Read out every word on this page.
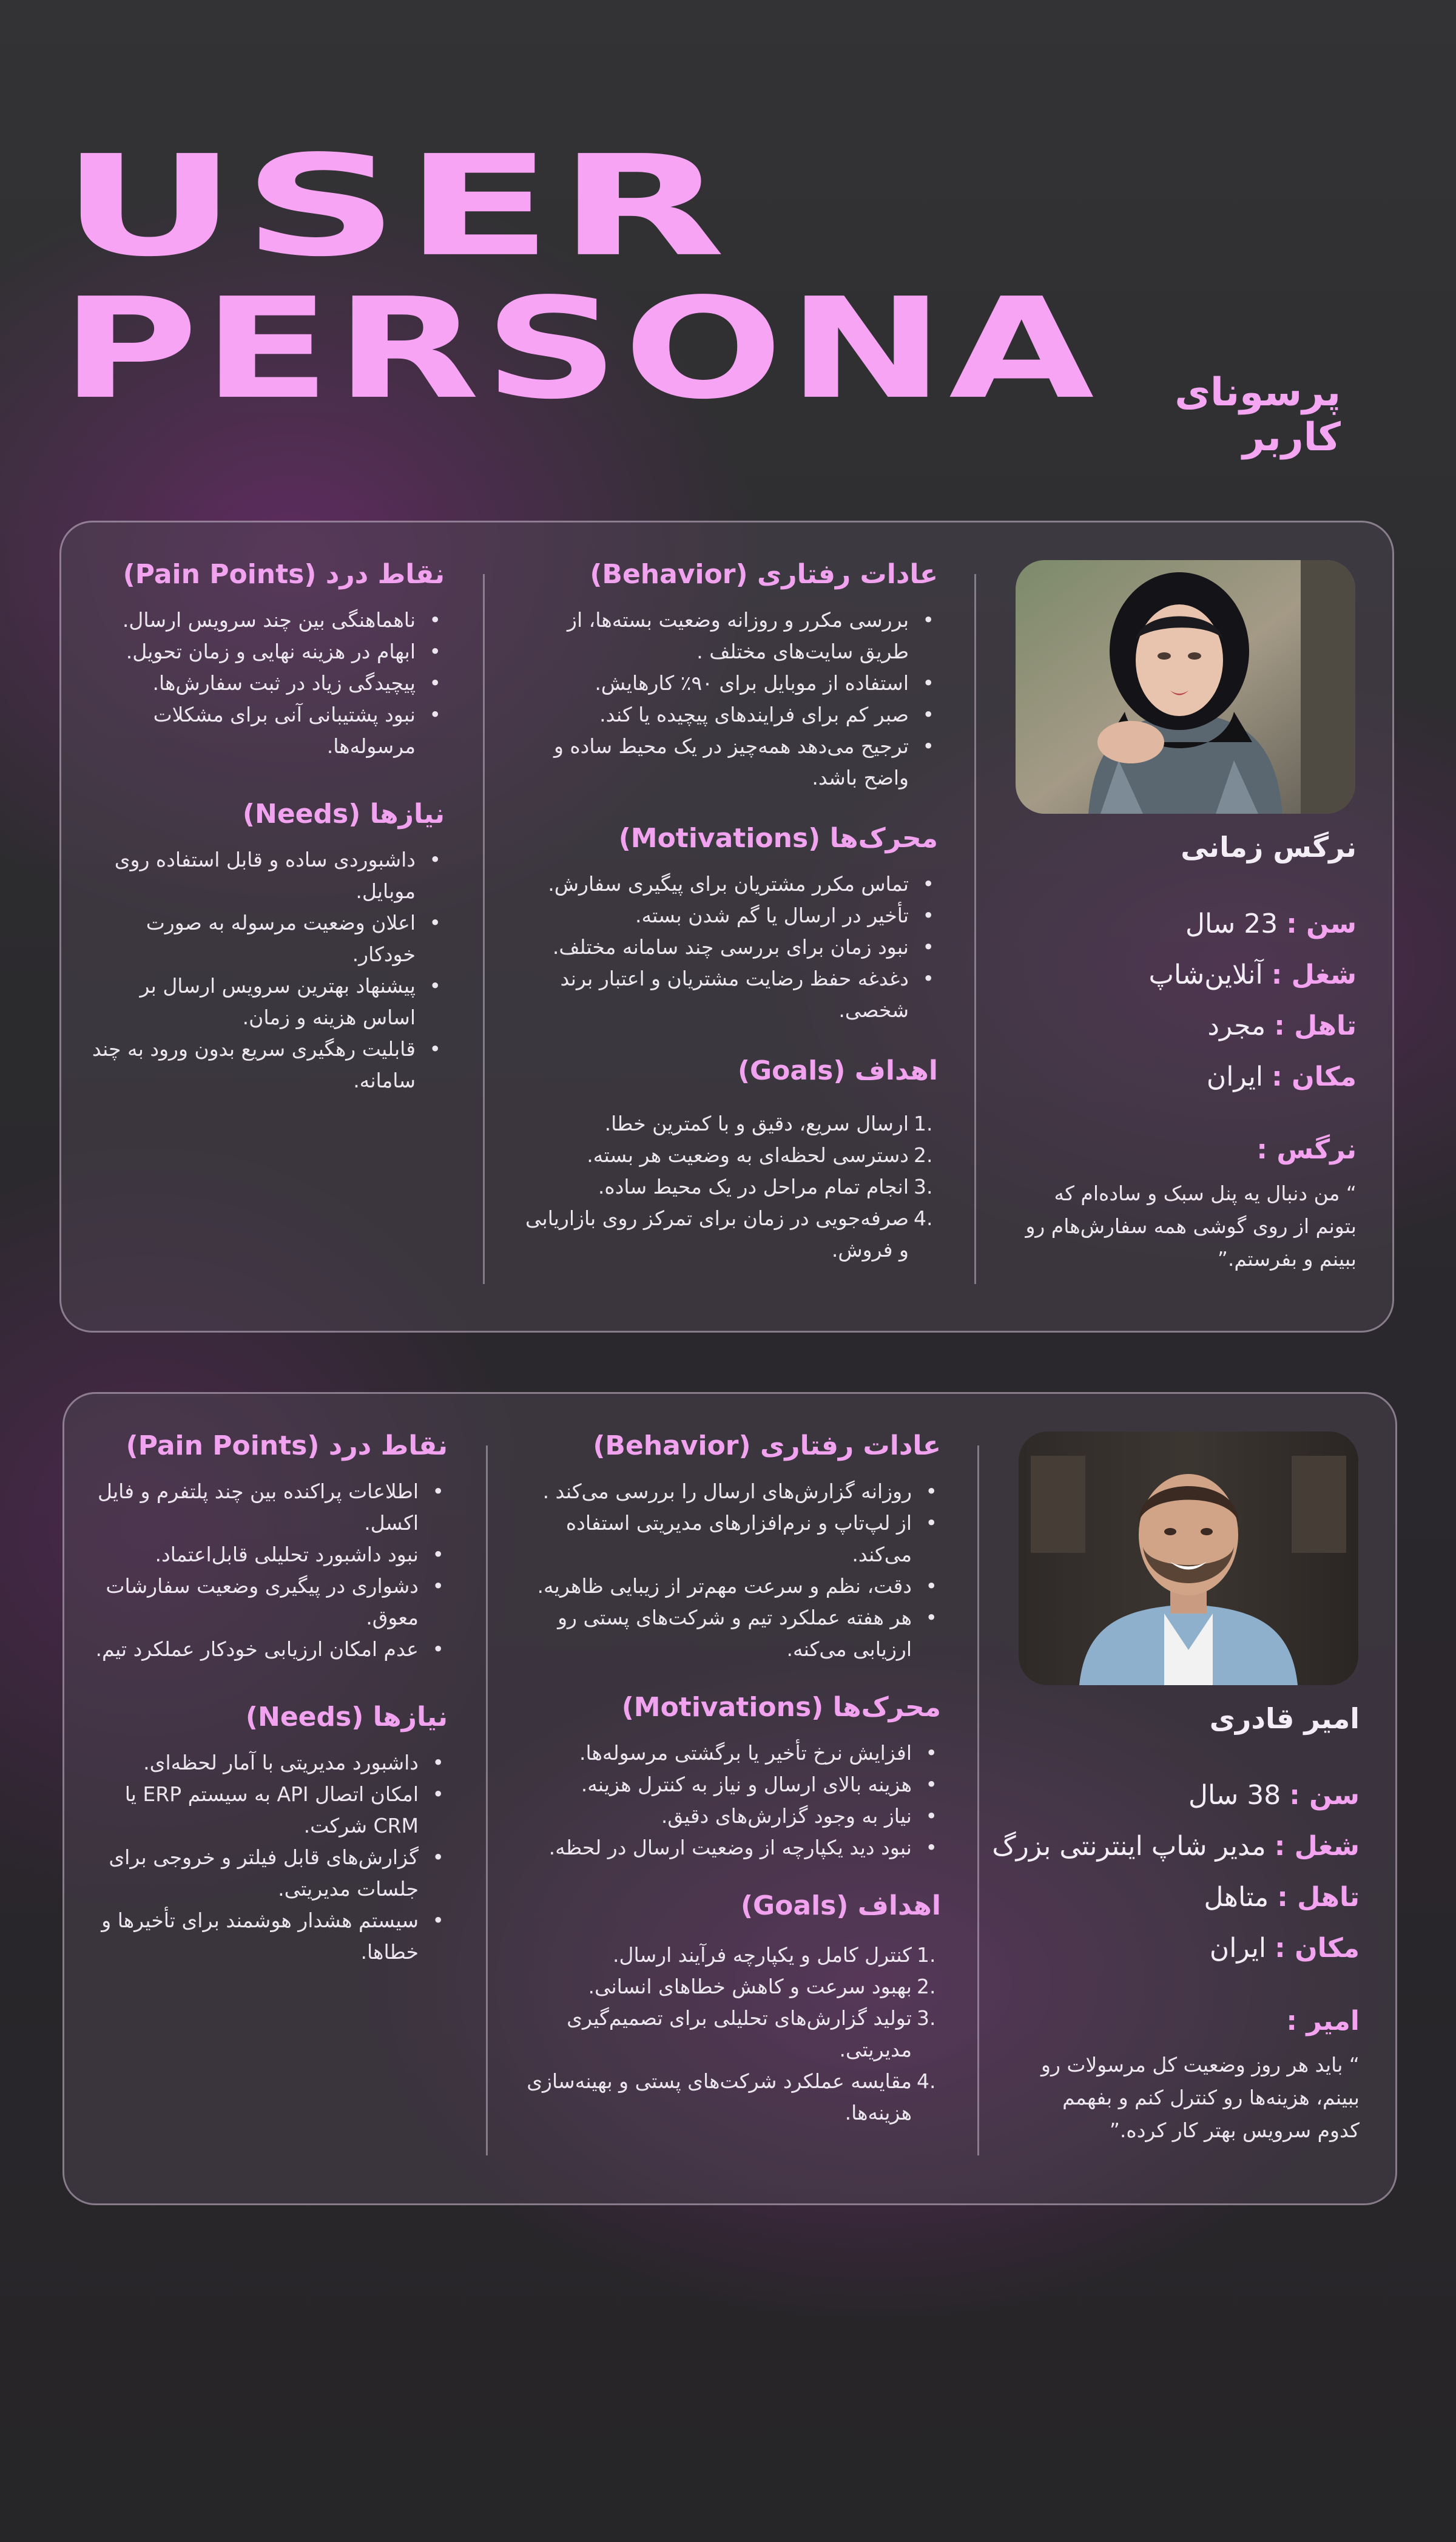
USER
PERSONA	پرسونای کاربر
نرگس زمانی
سن : 23 سال
شغل : آنلاین‌شاپ
تاهل : مجرد
مکان : ایران
نرگس :
“ من دنبال یه پنل سبک و ساده‌ام که بتونم از روی گوشی همه سفارش‌هام رو ببینم و بفرستم.”
عادات رفتاری (Behavior)
• بررسی مکرر و روزانه وضعیت بسته‌ها، از طریق سایت‌های مختلف .
• استفاده از موبایل برای ۹۰٪ کارهایش.
• صبر کم برای فرایندهای پیچیده یا کند.
• ترجیح می‌دهد همه‌چیز در یک محیط ساده و واضح باشد.
محرک‌ها (Motivations)
• تماس مکرر مشتریان برای پیگیری سفارش.
• تأخیر در ارسال یا گم شدن بسته.
• نبود زمان برای بررسی چند سامانه مختلف.
• دغدغه حفظ رضایت مشتریان و اعتبار برند شخصی.
اهداف (Goals)
1. ارسال سریع، دقیق و با کمترین خطا.
2. دسترسی لحظه‌ای به وضعیت هر بسته.
3. انجام تمام مراحل در یک محیط ساده.
4. صرفه‌جویی در زمان برای تمرکز روی بازاریابی و فروش.
نقاط درد (Pain Points)
• ناهماهنگی بین چند سرویس ارسال.
• ابهام در هزینه نهایی و زمان تحویل.
• پیچیدگی زیاد در ثبت سفارش‌ها.
• نبود پشتیبانی آنی برای مشکلات مرسوله‌ها.
نیازها (Needs)
• داشبوردی ساده و قابل استفاده روی موبایل.
• اعلان وضعیت مرسوله به صورت خودکار.
• پیشنهاد بهترین سرویس ارسال بر اساس هزینه و زمان.
• قابلیت رهگیری سریع بدون ورود به چند سامانه.
امیر قادری
سن : 38 سال
شغل : مدیر شاپ اینترنتی بزرگ
تاهل : متاهل
مکان : ایران
امیر :
“ باید هر روز وضعیت کل مرسولات رو ببینم، هزینه‌ها رو کنترل کنم و بفهمم کدوم سرویس بهتر کار کرده.”
عادات رفتاری (Behavior)
• روزانه گزارش‌های ارسال را بررسی می‌کند .
• از لپ‌تاپ و نرم‌افزارهای مدیریتی استفاده می‌کند.
• دقت، نظم و سرعت مهم‌تر از زیبایی ظاهریه.
• هر هفته عملکرد تیم و شرکت‌های پستی رو ارزیابی می‌کنه.
محرک‌ها (Motivations)
• افزایش نرخ تأخیر یا برگشتی مرسوله‌ها.
• هزینه بالای ارسال و نیاز به کنترل هزینه.
• نیاز به وجود گزارش‌های دقیق.
• نبود دید یکپارچه از وضعیت ارسال در لحظه.
اهداف (Goals)
1. کنترل کامل و یکپارچه فرآیند ارسال.
2. بهبود سرعت و کاهش خطاهای انسانی.
3. تولید گزارش‌های تحلیلی برای تصمیم‌گیری مدیریتی.
4. مقایسه عملکرد شرکت‌های پستی و بهینه‌سازی هزینه‌ها.
نقاط درد (Pain Points)
• اطلاعات پراکنده بین چند پلتفرم و فایل اکسل.
• نبود داشبورد تحلیلی قابل‌اعتماد.
• دشواری در پیگیری وضعیت سفارشات معوق.
• عدم امکان ارزیابی خودکار عملکرد تیم.
نیازها (Needs)
• داشبورد مدیریتی با آمار لحظه‌ای.
• امکان اتصال API به سیستم ERP یا CRM شرکت.
• گزارش‌های قابل فیلتر و خروجی برای جلسات مدیریتی.
• سیستم هشدار هوشمند برای تأخیرها و خطاها.
